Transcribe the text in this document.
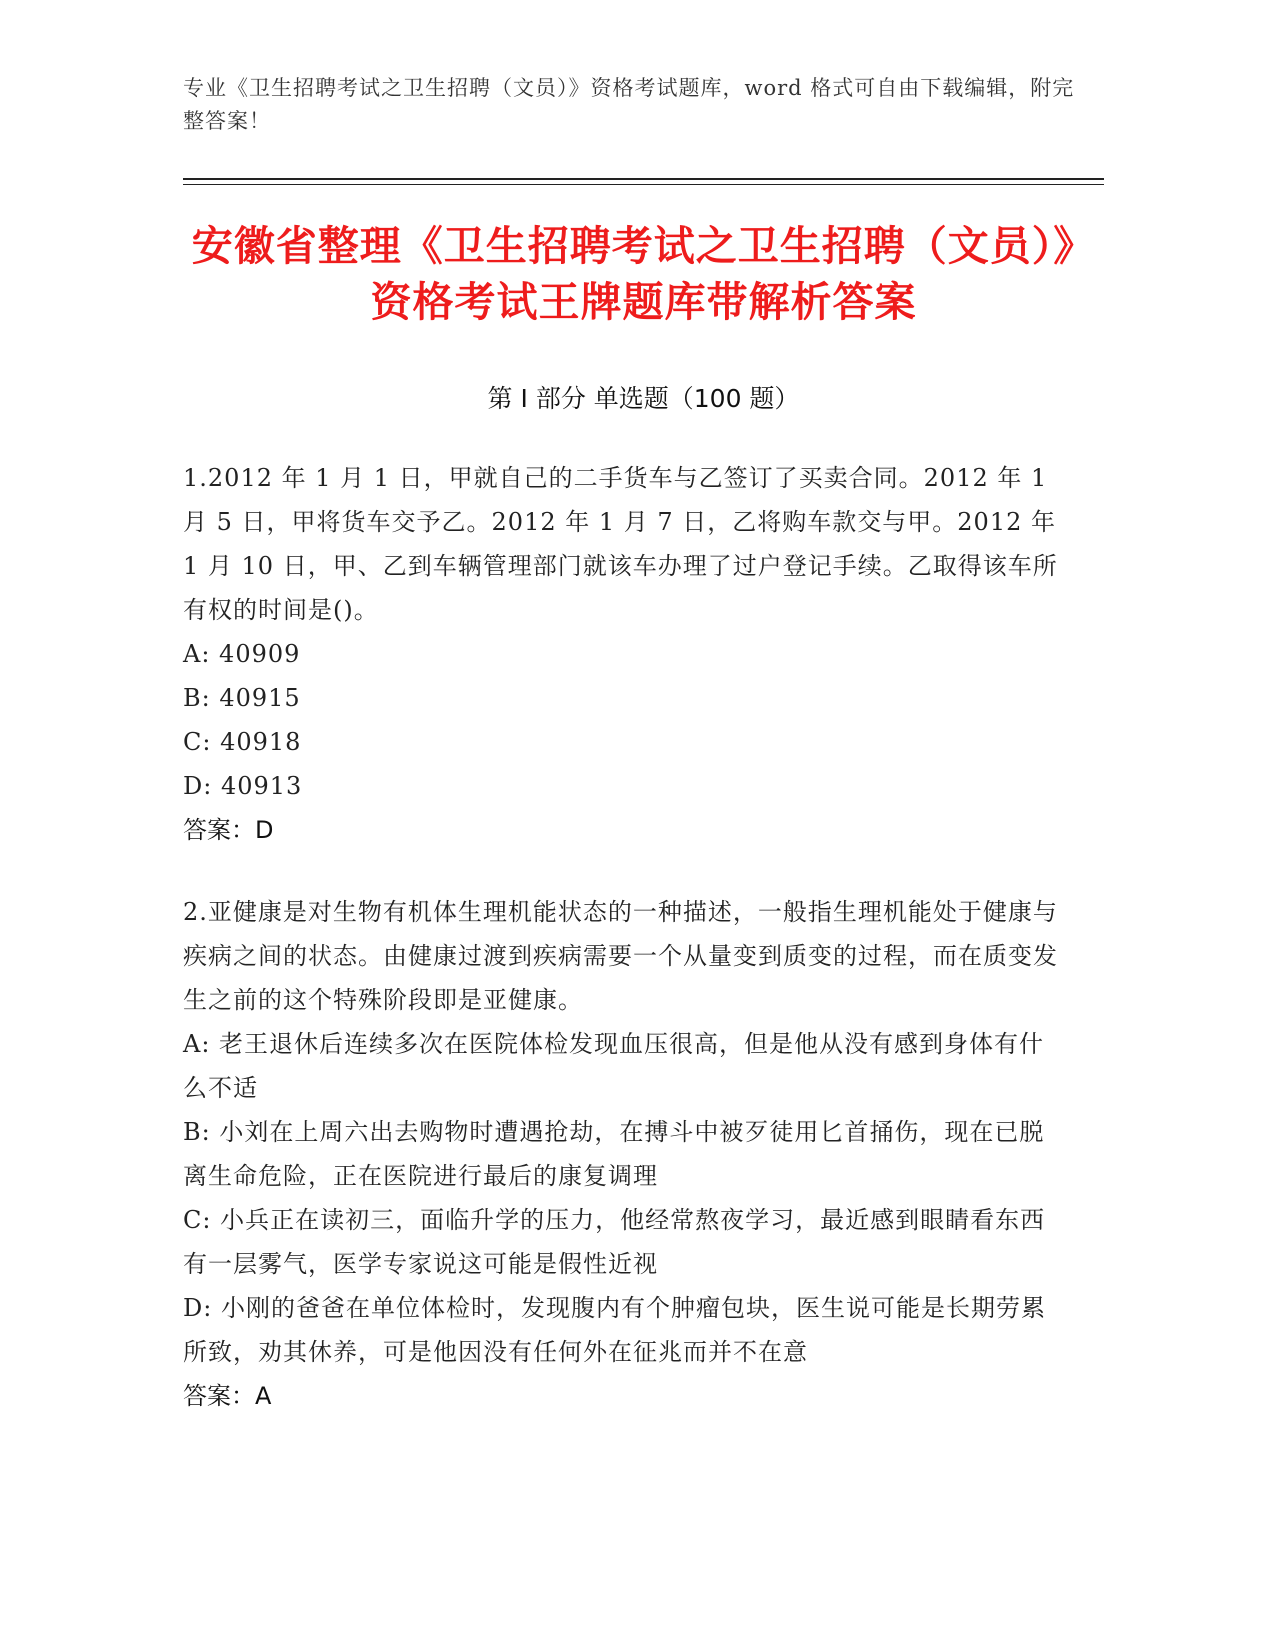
专业《卫生招聘考试之卫生招聘（文员）》资格考试题库，word 格式可自由下载编辑，附完整答案！
安徽省整理《卫生招聘考试之卫生招聘（文员）》资格考试王牌题库带解析答案
第 I 部分 单选题（100 题）

1.2012 年 1 月 1 日，甲就自己的二手货车与乙签订了买卖合同。2012 年 1 月 5 日，甲将货车交予乙。2012 年 1 月 7 日，乙将购车款交与甲。2012 年 1 月 10 日，甲、乙到车辆管理部门就该车办理了过户登记手续。乙取得该车所有权的时间是()。

A: 40909

B: 40915

C: 40918

D: 40913

答案：D

2.亚健康是对生物有机体生理机能状态的一种描述，一般指生理机能处于健康与疾病之间的状态。由健康过渡到疾病需要一个从量变到质变的过程，而在质变发生之前的这个特殊阶段即是亚健康。

A: 老王退休后连续多次在医院体检发现血压很高，但是他从没有感到身体有什么不适

B: 小刘在上周六出去购物时遭遇抢劫，在搏斗中被歹徒用匕首捅伤，现在已脱离生命危险，正在医院进行最后的康复调理

C: 小兵正在读初三，面临升学的压力，他经常熬夜学习，最近感到眼睛看东西有一层雾气，医学专家说这可能是假性近视

D: 小刚的爸爸在单位体检时，发现腹内有个肿瘤包块，医生说可能是长期劳累所致，劝其休养，可是他因没有任何外在征兆而并不在意

答案：A
